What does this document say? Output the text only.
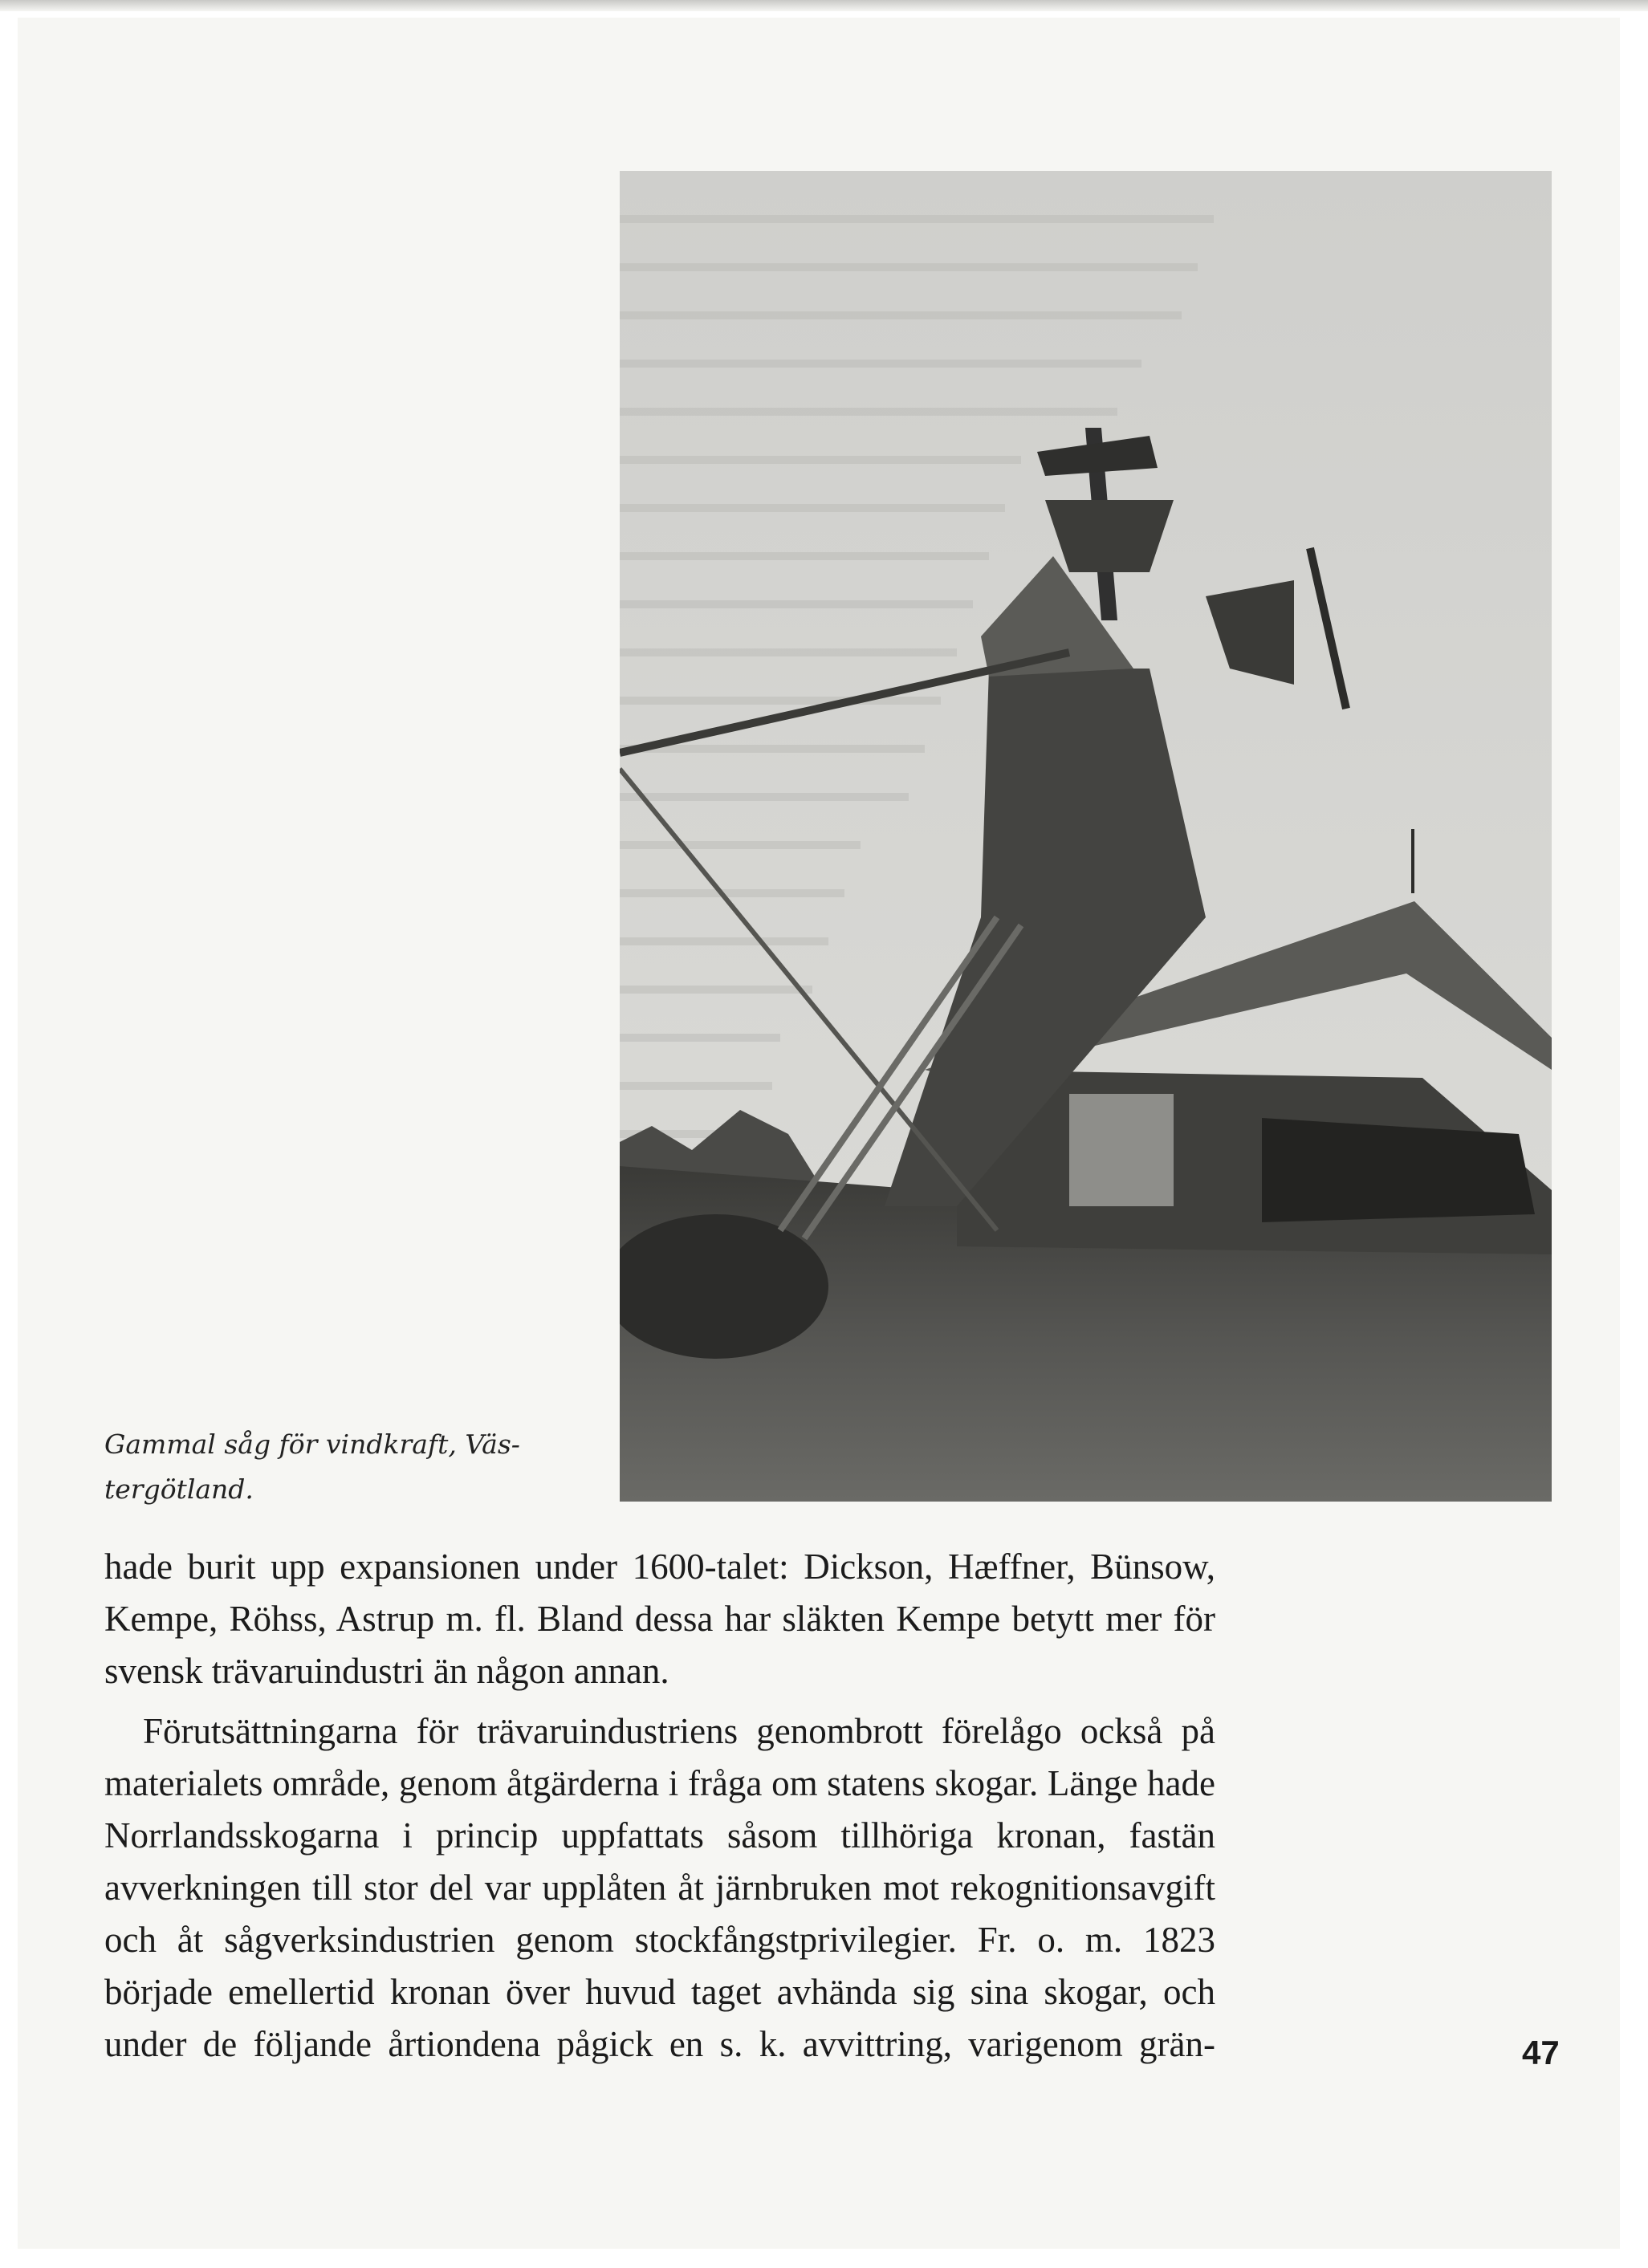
Gammal såg för vindkraft, Väs-
tergötland.

hade burit upp expansionen under 1600-talet: Dickson, Hæffner, Bünsow, Kempe, Röhss, Astrup m. fl. Bland dessa har släkten Kempe betytt mer för svensk trävaruindustri än någon annan.

Förutsättningarna för trävaruindustriens genombrott förelågo också på materialets område, genom åtgärderna i fråga om statens skogar. Länge hade Norrlandsskogarna i princip uppfattats såsom tillhöriga kronan, fastän avverkningen till stor del var upplåten åt järnbruken mot rekognitionsavgift och åt sågverksindustrien genom stockfångstprivilegier. Fr. o. m. 1823 började emellertid kronan över huvud taget avhända sig sina skogar, och under de följande årtiondena pågick en s. k. avvittring, varigenom grän-	47
